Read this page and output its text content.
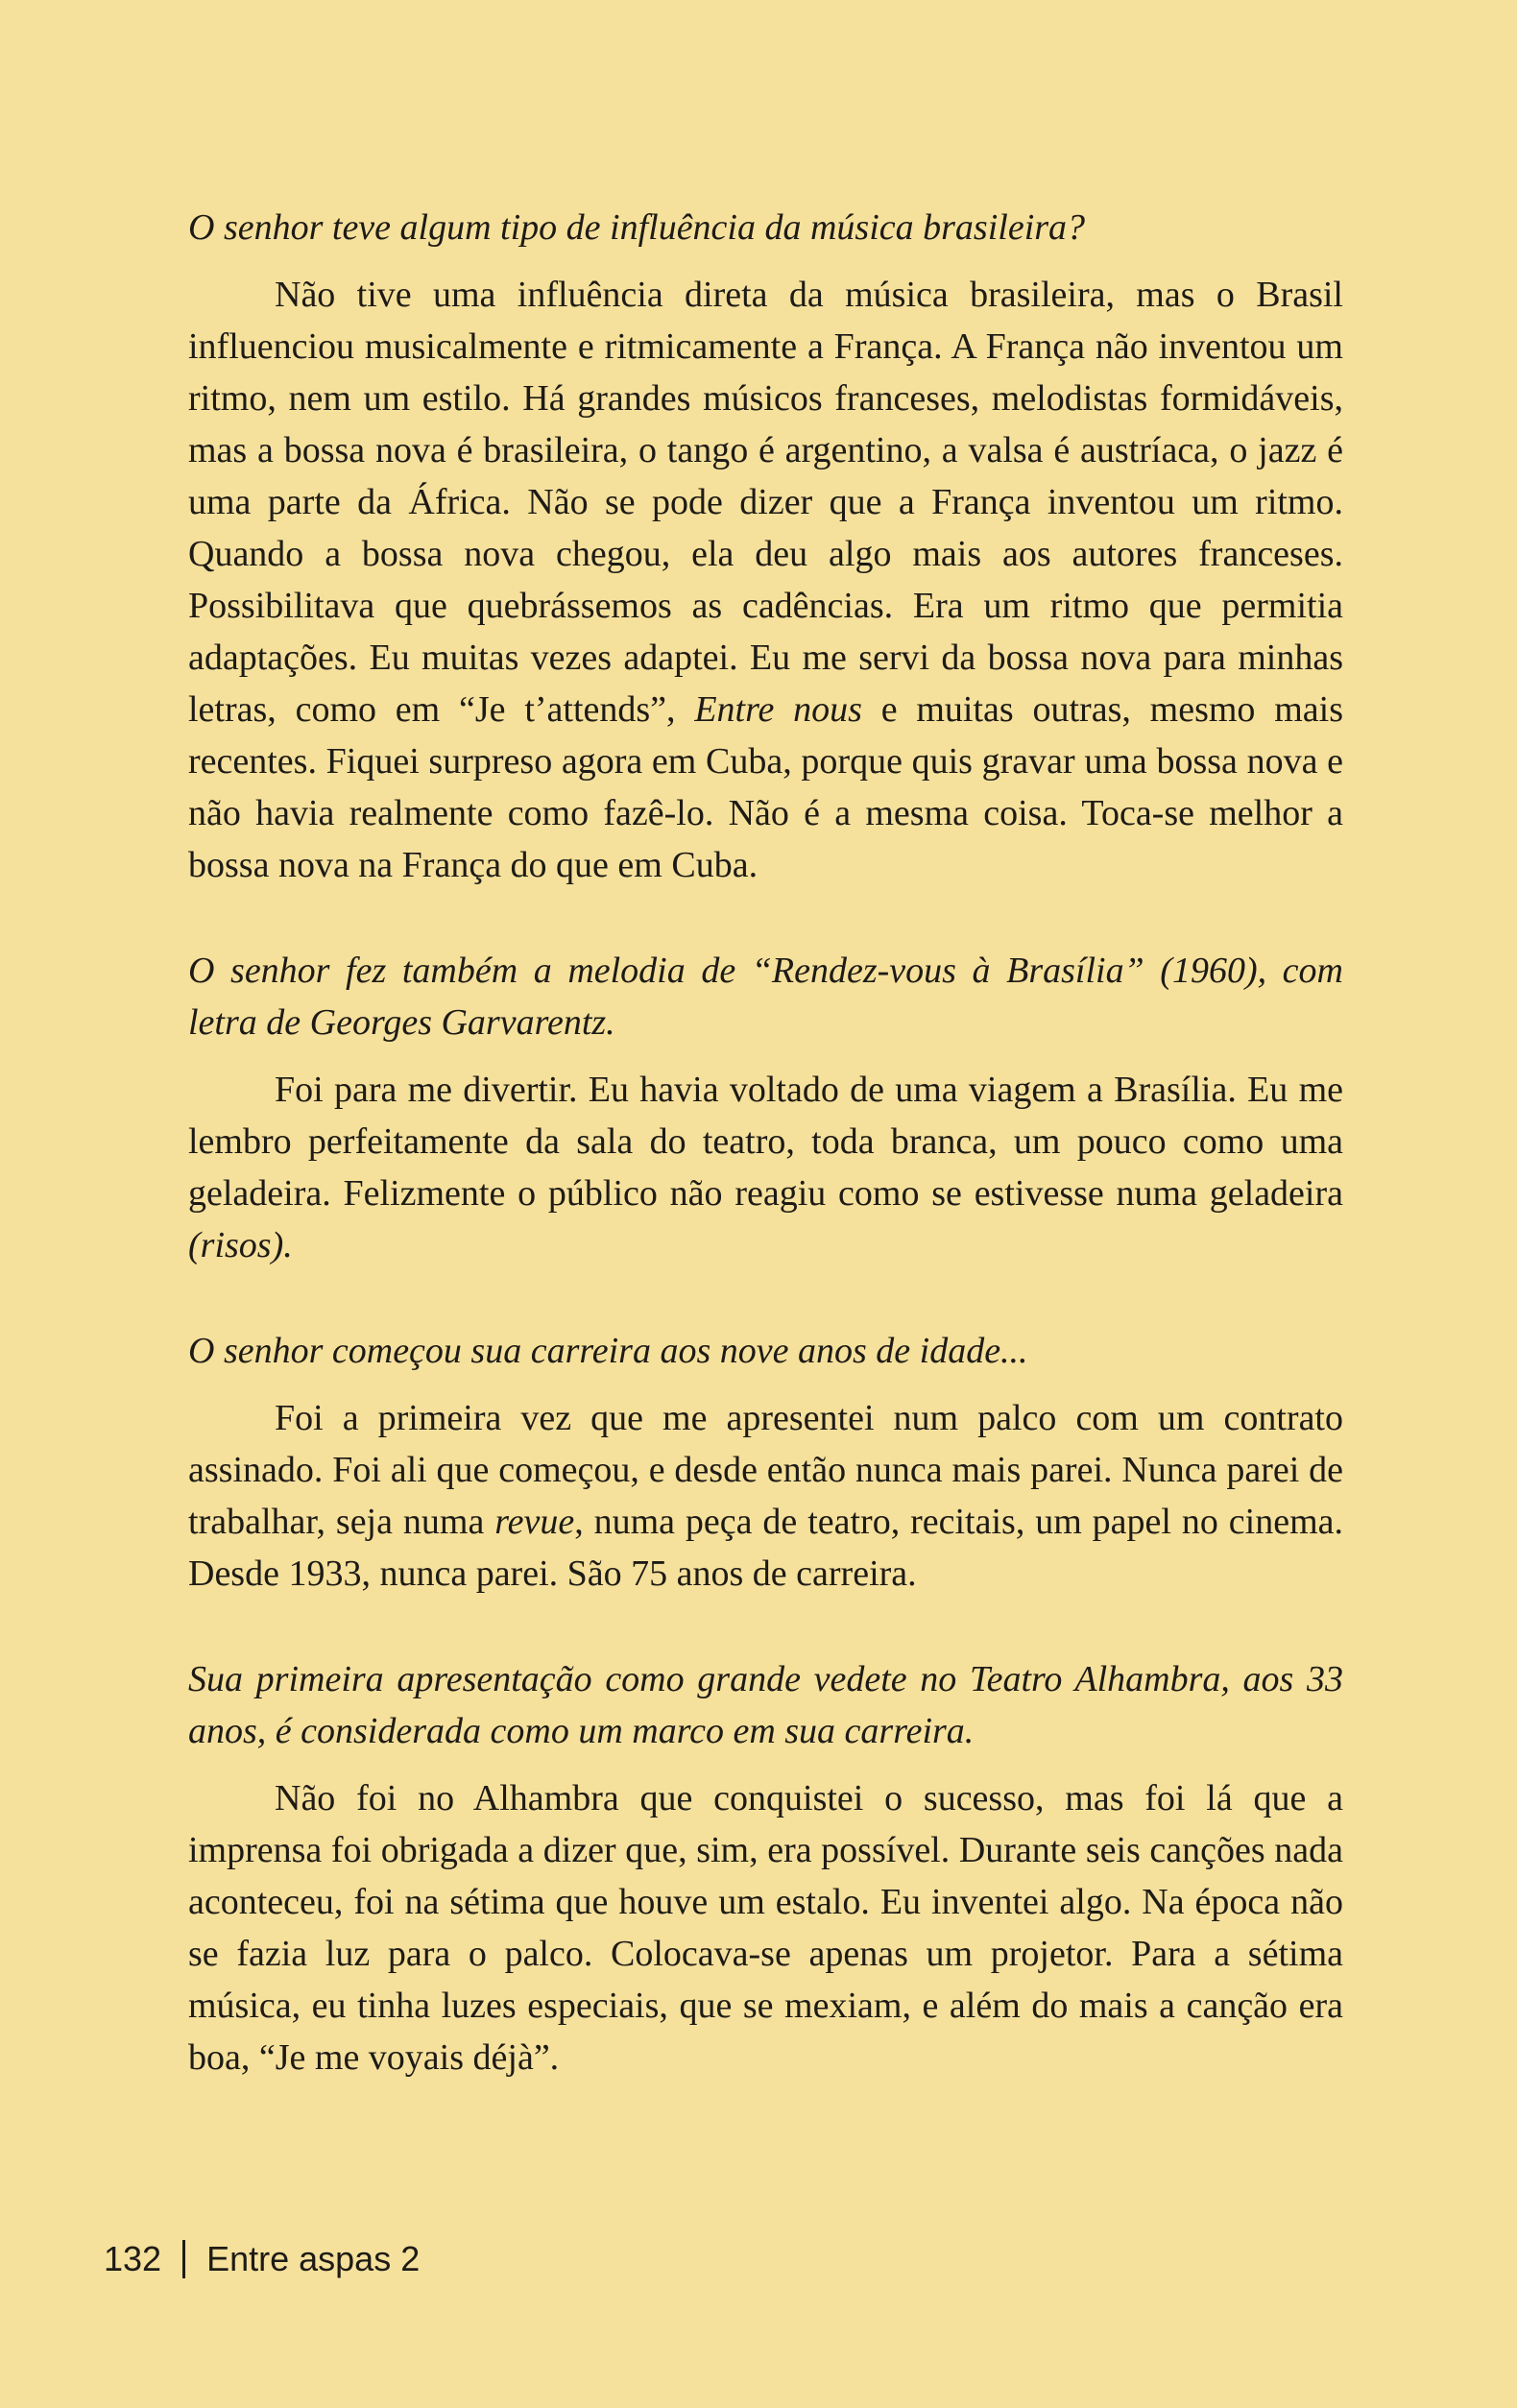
O senhor teve algum tipo de influência da música brasileira?

Não tive uma influência direta da música brasileira, mas o Brasil influenciou musicalmente e ritmicamente a França. A França não inventou um ritmo, nem um estilo. Há grandes músicos franceses, melodistas formidáveis, mas a bossa nova é brasileira, o tango é argentino, a valsa é austríaca, o jazz é uma parte da África. Não se pode dizer que a França inventou um ritmo. Quando a bossa nova chegou, ela deu algo mais aos autores franceses. Possibilitava que quebrássemos as cadências. Era um ritmo que permitia adaptações. Eu muitas vezes adaptei. Eu me servi da bossa nova para minhas letras, como em “Je t’attends”, Entre nous e muitas outras, mesmo mais recentes. Fiquei surpreso agora em Cuba, porque quis gravar uma bossa nova e não havia realmente como fazê-lo. Não é a mesma coisa. Toca-se melhor a bossa nova na França do que em Cuba.

O senhor fez também a melodia de “Rendez-vous à Brasília” (1960), com letra de Georges Garvarentz.

Foi para me divertir. Eu havia voltado de uma viagem a Brasília. Eu me lembro perfeitamente da sala do teatro, toda branca, um pouco como uma geladeira. Felizmente o público não reagiu como se estivesse numa geladeira (risos).

O senhor começou sua carreira aos nove anos de idade...

Foi a primeira vez que me apresentei num palco com um contrato assinado. Foi ali que começou, e desde então nunca mais parei. Nunca parei de trabalhar, seja numa revue, numa peça de teatro, recitais, um papel no cinema. Desde 1933, nunca parei. São 75 anos de carreira.

Sua primeira apresentação como grande vedete no Teatro Alhambra, aos 33 anos, é considerada como um marco em sua carreira.

Não foi no Alhambra que conquistei o sucesso, mas foi lá que a imprensa foi obrigada a dizer que, sim, era possível. Durante seis canções nada aconteceu, foi na sétima que houve um estalo. Eu inventei algo. Na época não se fazia luz para o palco. Colocava-se apenas um projetor. Para a sétima música, eu tinha luzes especiais, que se mexiam, e além do mais a canção era boa, “Je me voyais déjà”.

132 Entre aspas 2
